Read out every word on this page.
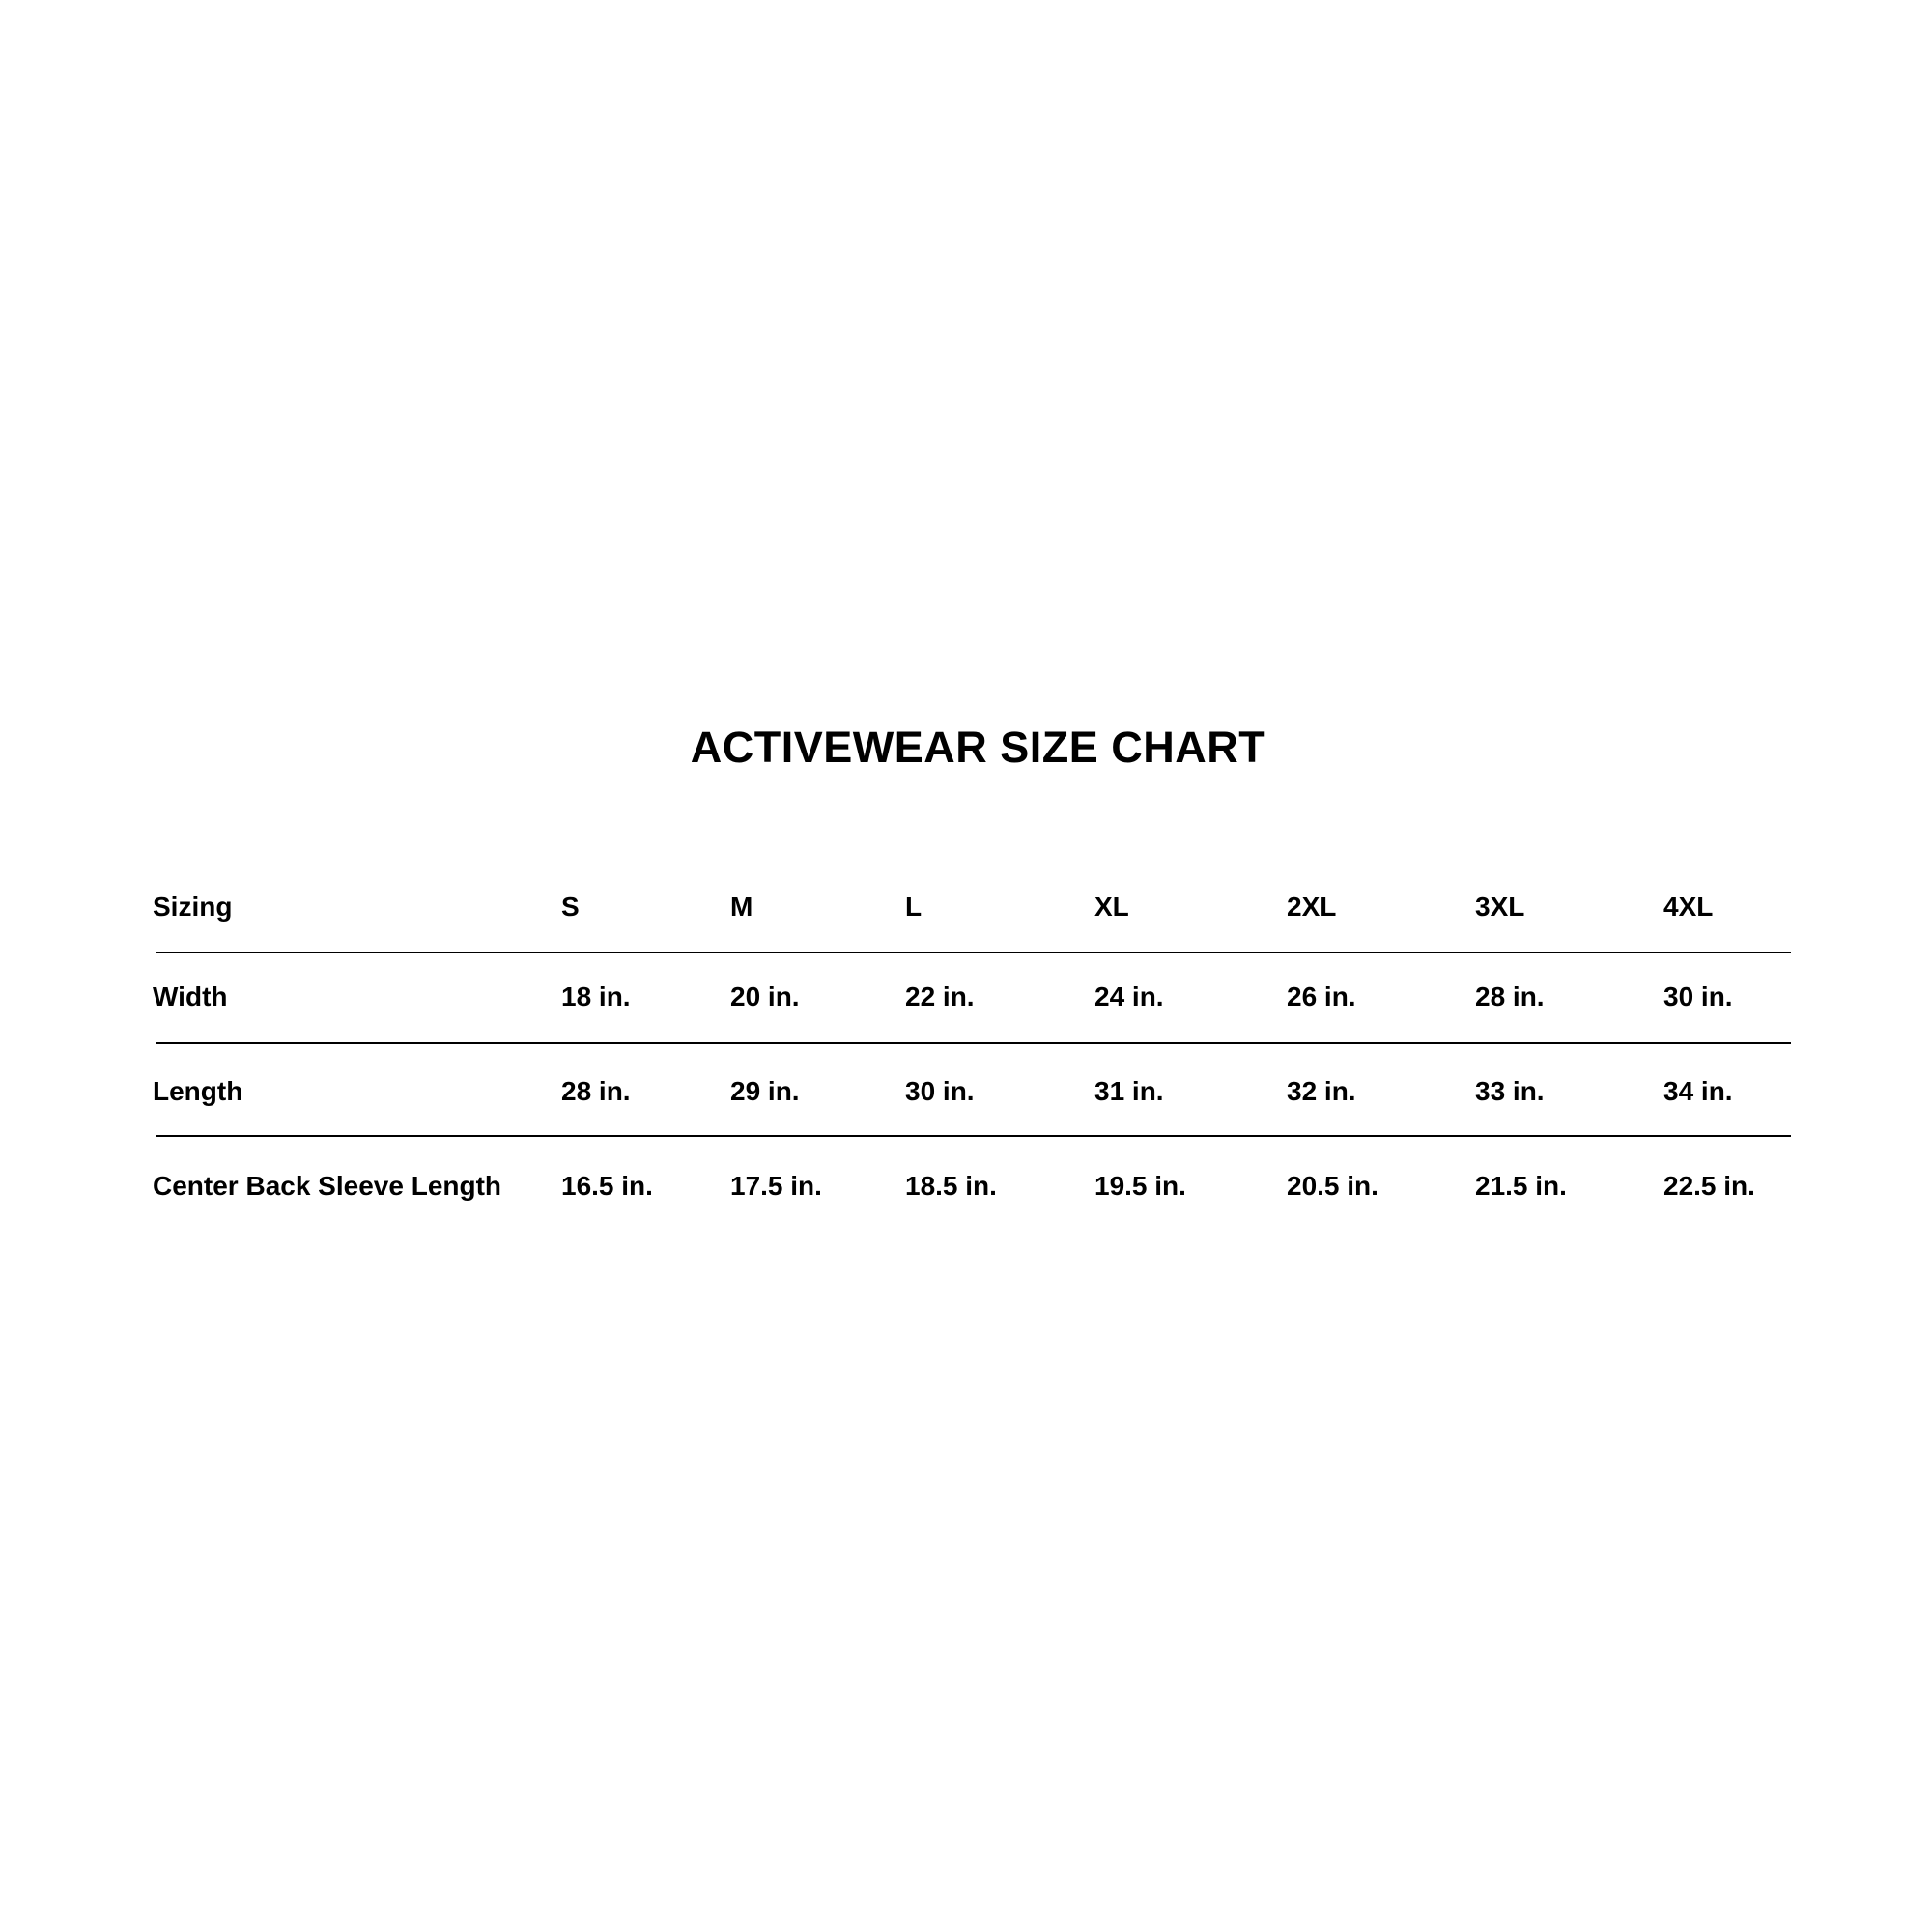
ACTIVEWEAR SIZE CHART
Sizing	S	M	L	XL	2XL	3XL	4XL
Width	18 in.	20 in.	22 in.	24 in.	26 in.	28 in.	30 in.
Length	28 in.	29 in.	30 in.	31 in.	32 in.	33 in.	34 in.
Center Back Sleeve Length 16.5 in.	17.5 in.	18.5 in.	19.5 in.	20.5 in.	21.5 in.	22.5 in.
